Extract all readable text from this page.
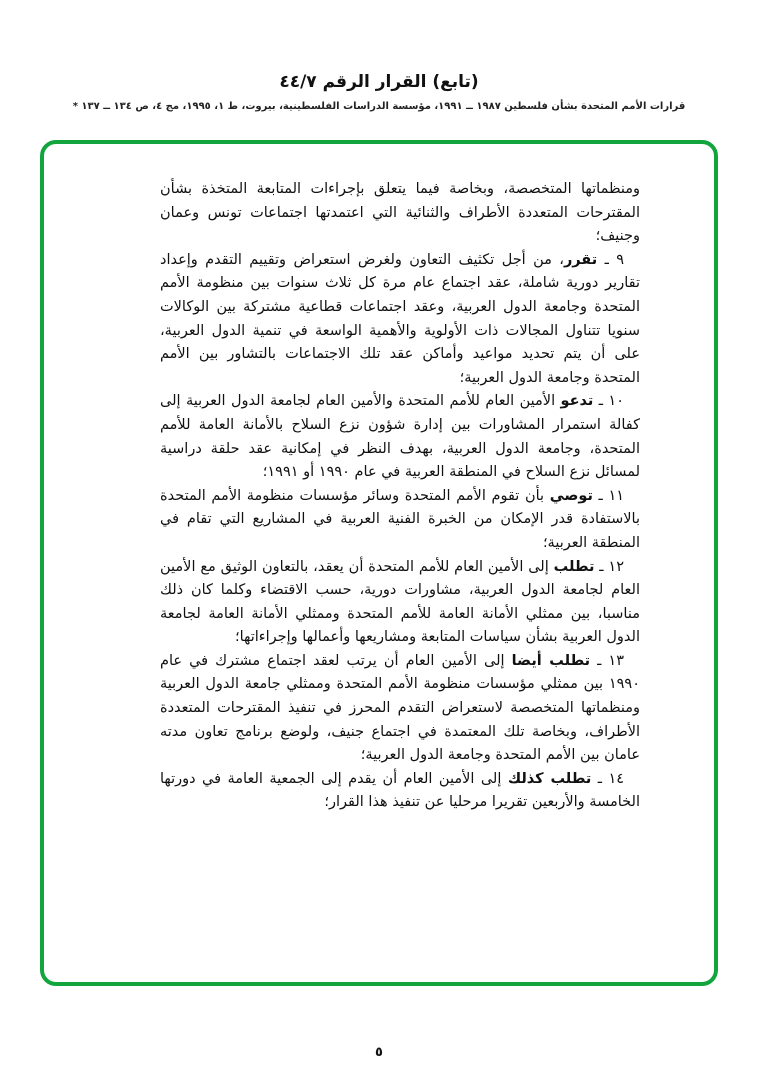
(تابع) القرار الرقم ٤٤/٧
قرارات الأمم المتحدة بشأن فلسطين ١٩٨٧ ــ ١٩٩١، مؤسسة الدراسات الفلسطينية، بيروت، ط ١، ١٩٩٥، مج ٤، ص ١٣٤ ــ ١٣٧ *

ومنظماتها المتخصصة، وبخاصة فيما يتعلق بإجراءات المتابعة المتخذة بشأن المقترحات المتعددة الأطراف والثنائية التي اعتمدتها اجتماعات تونس وعمان وجنيف؛

٩ ـ تقرر، من أجل تكثيف التعاون ولغرض استعراض وتقييم التقدم وإعداد تقارير دورية شاملة، عقد اجتماع عام مرة كل ثلاث سنوات بين منظومة الأمم المتحدة وجامعة الدول العربية، وعقد اجتماعات قطاعية مشتركة بين الوكالات سنويا تتناول المجالات ذات الأولوية والأهمية الواسعة في تنمية الدول العربية، على أن يتم تحديد مواعيد وأماكن عقد تلك الاجتماعات بالتشاور بين الأمم المتحدة وجامعة الدول العربية؛

١٠ ـ تدعو الأمين العام للأمم المتحدة والأمين العام لجامعة الدول العربية إلى كفالة استمرار المشاورات بين إدارة شؤون نزع السلاح بالأمانة العامة للأمم المتحدة، وجامعة الدول العربية، بهدف النظر في إمكانية عقد حلقة دراسية لمسائل نزع السلاح في المنطقة العربية في عام ١٩٩٠ أو ١٩٩١؛

١١ ـ توصي بأن تقوم الأمم المتحدة وسائر مؤسسات منظومة الأمم المتحدة بالاستفادة قدر الإمكان من الخبرة الفنية العربية في المشاريع التي تقام في المنطقة العربية؛

١٢ ـ تطلب إلى الأمين العام للأمم المتحدة أن يعقد، بالتعاون الوثيق مع الأمين العام لجامعة الدول العربية، مشاورات دورية، حسب الاقتضاء وكلما كان ذلك مناسبا، بين ممثلي الأمانة العامة للأمم المتحدة وممثلي الأمانة العامة لجامعة الدول العربية بشأن سياسات المتابعة ومشاريعها وأعمالها وإجراءاتها؛

١٣ ـ تطلب أيضا إلى الأمين العام أن يرتب لعقد اجتماع مشترك في عام ١٩٩٠ بين ممثلي مؤسسات منظومة الأمم المتحدة وممثلي جامعة الدول العربية ومنظماتها المتخصصة لاستعراض التقدم المحرز في تنفيذ المقترحات المتعددة الأطراف، وبخاصة تلك المعتمدة في اجتماع جنيف، ولوضع برنامج تعاون مدته عامان بين الأمم المتحدة وجامعة الدول العربية؛

١٤ ـ تطلب كذلك إلى الأمين العام أن يقدم إلى الجمعية العامة في دورتها الخامسة والأربعين تقريرا مرحليا عن تنفيذ هذا القرار؛

٥
